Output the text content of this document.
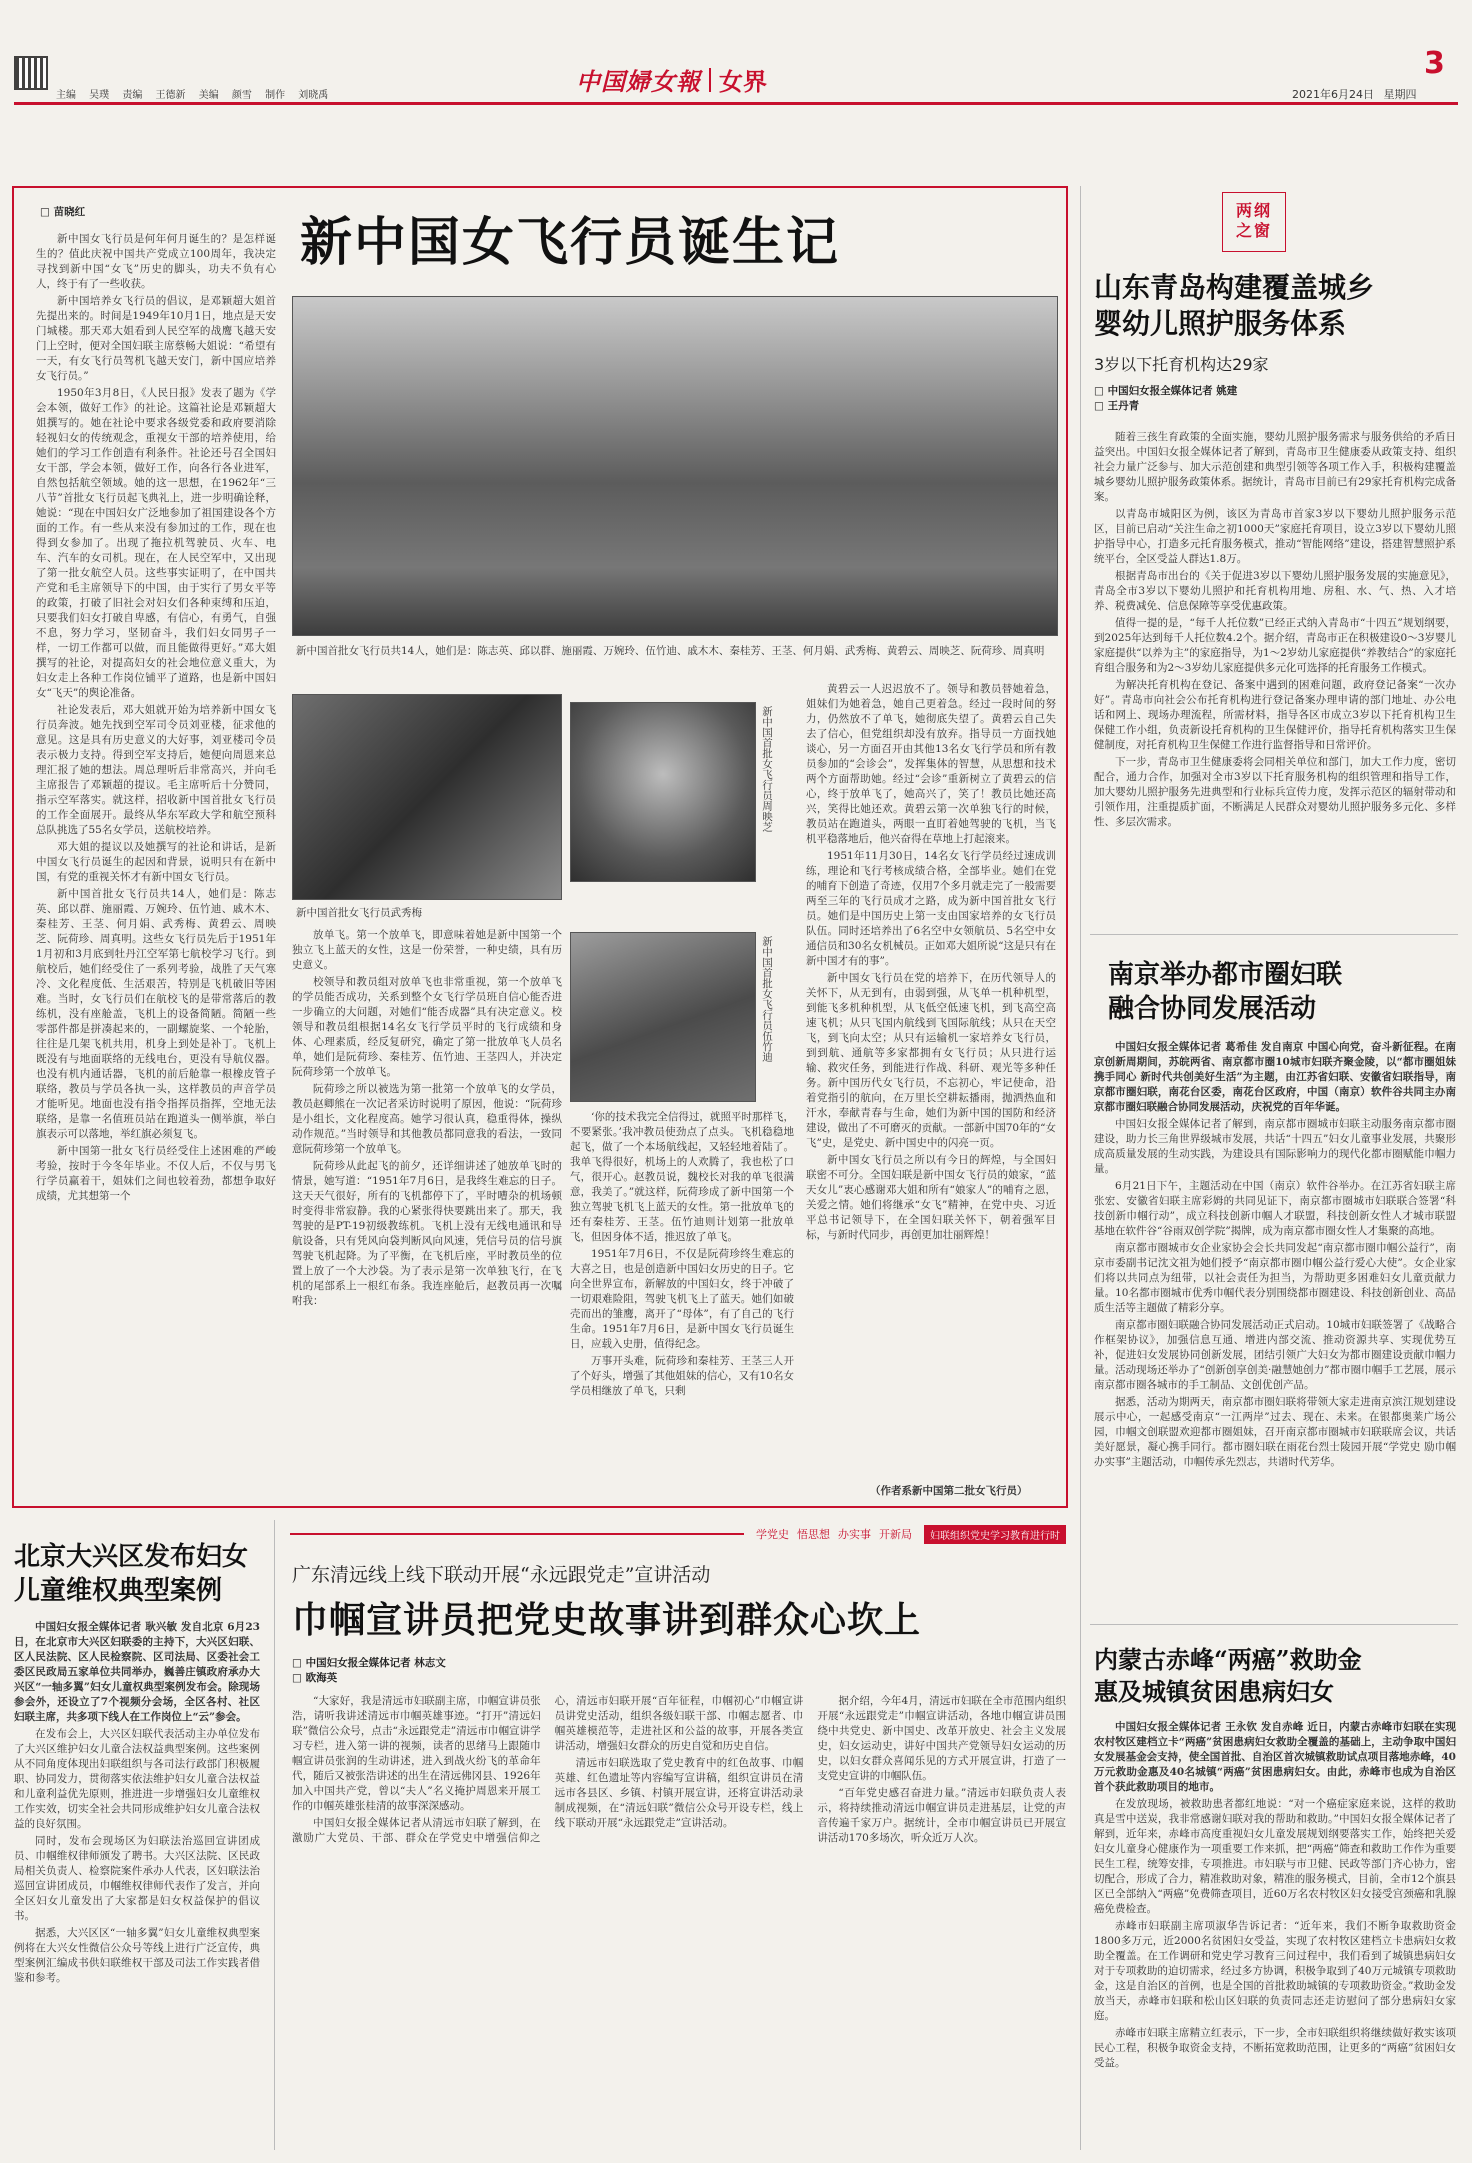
主编 吴璞 责编 王德新 美编 颜雪 制作 刘晓禹	中国婦女報 女界
3
2021年6月24日 星期四
新中国女飞行员诞生记
□ 苗晓红

新中国女飞行员是何年何月诞生的？是怎样诞生的？值此庆祝中国共产党成立100周年，我决定寻找到新中国“女飞”历史的脚头，功夫不负有心人，终于有了一些收获。

新中国培养女飞行员的倡议，是邓颖超大姐首先提出来的。时间是1949年10月1日，地点是天安门城楼。那天邓大姐看到人民空军的战鹰飞越天安门上空时，便对全国妇联主席蔡畅大姐说：“希望有一天，有女飞行员驾机飞越天安门，新中国应培养女飞行员。”

1950年3月8日，《人民日报》发表了题为《学会本领，做好工作》的社论。这篇社论是邓颖超大姐撰写的。她在社论中要求各级党委和政府要消除轻视妇女的传统观念，重视女干部的培养使用，给她们的学习工作创造有利条件。社论还号召全国妇女干部，学会本领，做好工作，向各行各业进军，自然包括航空领域。她的这一思想，在1962年“三八节”首批女飞行员起飞典礼上，进一步明确诠释，她说：“现在中国妇女广泛地参加了祖国建设各个方面的工作。有一些从来没有参加过的工作，现在也得到女参加了。出现了拖拉机驾驶员、火车、电车、汽车的女司机。现在，在人民空军中，又出现了第一批女航空人员。这些事实证明了，在中国共产党和毛主席领导下的中国，由于实行了男女平等的政策，打破了旧社会对妇女们各种束缚和压迫，只要我们妇女打破自卑感，有信心，有勇气，自强不息，努力学习，坚韧奋斗，我们妇女同男子一样，一切工作都可以做，而且能做得更好。”邓大姐撰写的社论，对提高妇女的社会地位意义重大，为妇女走上各种工作岗位铺平了道路，也是新中国妇女“飞天”的舆论准备。

社论发表后，邓大姐就开始为培养新中国女飞行员奔波。她先找到空军司令员刘亚楼，征求他的意见。这是具有历史意义的大好事，刘亚楼司令员表示极力支持。得到空军支持后，她便向周恩来总理汇报了她的想法。周总理听后非常高兴，并向毛主席报告了邓颖超的提议。毛主席听后十分赞同，指示空军落实。就这样，招收新中国首批女飞行员的工作全面展开。最终从华东军政大学和航空预科总队挑选了55名女学员，送航校培养。

邓大姐的提议以及她撰写的社论和讲话，是新中国女飞行员诞生的起因和背景，说明只有在新中国，有党的重视关怀才有新中国女飞行员。

新中国首批女飞行员共14人，她们是：陈志英、邱以群、施丽霞、万婉玲、伍竹迪、戚木木、秦桂芳、王茎、何月娟、武秀梅、黄碧云、周映芝、阮荷珍、周真明。这些女飞行员先后于1951年1月初和3月底到牡丹江空军第七航校学习飞行。到航校后，她们经受住了一系列考验，战胜了天气寒冷、文化程度低、生活艰苦，特别是飞机破旧等困难。当时，女飞行员们在航校飞的是带常落后的教练机，没有座舱盖，飞机上的设备简陋。简陋一些零部件都是拼凑起来的，一副螺旋桨、一个轮胎，往往是几架飞机共用，机身上到处是补丁。飞机上既没有与地面联络的无线电台，更没有导航仪器。也没有机内通话器，飞机的前后舱靠一根橡皮管子联络，教员与学员各执一头，这样教员的声音学员才能听见。地面也没有指令指挥员指挥，空地无法联络，是靠一名值班员站在跑道头一侧举旗，举白旗表示可以落地，举红旗必须复飞。

新中国第一批女飞行员经受住上述困难的严峻考验，按时于今冬年毕业。不仅人后，不仅与男飞行学员赢着干，姐妹们之间也较着劲，都想争取好成绩，尤其想第一个

新中国首批女飞行员共14人，她们是：陈志英、邱以群、施丽霞、万婉玲、伍竹迪、戚木木、秦桂芳、王茎、何月娟、武秀梅、黄碧云、周映芝、阮荷珍、周真明
新中国首批女飞行员武秀梅
新中国首批女飞行员周映芝
新中国首批女飞行员伍竹迪

放单飞。第一个放单飞，即意味着她是新中国第一个独立飞上蓝天的女性，这是一份荣誉，一种史绩，具有历史意义。

校领导和教员组对放单飞也非常重视，第一个放单飞的学员能否成功，关系到整个女飞行学员班自信心能否进一步确立的大问题，对她们“能否成器”具有决定意义。校领导和教员组根据14名女飞行学员平时的飞行成绩和身体、心理素质，经反复研究，确定了第一批放单飞人员名单，她们是阮荷珍、秦桂芳、伍竹迪、王茎四人，并决定阮荷珍第一个放单飞。

阮荷珍之所以被选为第一批第一个放单飞的女学员，教员赵卿熊在一次记者采访时说明了原因，他说：“阮荷珍是小组长，文化程度高。她学习很认真，稳重得体，操纵动作规范。”当时领导和其他教员都同意我的看法，一致同意阮荷珍第一个放单飞。

阮荷珍从此起飞的前夕，还详细讲述了她放单飞时的情景，她写道：“1951年7月6日，是我终生难忘的日子。这天天气很好，所有的飞机都停下了，平时嘈杂的机场顿时变得非常寂静。我的心紧张得快要跳出来了。那天，我驾驶的是PT-19初级教练机。飞机上没有无线电通讯和导航设备，只有凭风向袋判断风向风速，凭信号员的信号旗驾驶飞机起降。为了平衡，在飞机后座，平时教员坐的位置上放了一个大沙袋。为了表示是第一次单独飞行，在飞机的尾部系上一根红布条。我连座舱后，赵教员再一次嘱咐我：

‘你的技术我完全信得过，就照平时那样飞，不要紧张。’我冲教员使劲点了点头。飞机稳稳地起飞，做了一个本场航线起，又轻轻地着陆了。我单飞得很好，机场上的人欢腾了，我也松了口气，很开心。赵教员说，魏校长对我的单飞很满意，我美了。”就这样，阮荷珍成了新中国第一个独立驾驶飞机飞上蓝天的女性。第一批放单飞的还有秦桂芳、王茎。伍竹迪则计划第一批放单飞，但因身体不适，推迟放了单飞。

1951年7月6日，不仅是阮荷珍终生难忘的大喜之日，也是创造新中国妇女历史的日子。它向全世界宣布，新解放的中国妇女，终于冲破了一切艰难险阻，驾驶飞机飞上了蓝天。她们如破壳而出的雏鹰，离开了“母体”，有了自己的飞行生命。1951年7月6日，是新中国女飞行员诞生日，应载入史册，值得纪念。

万事开头难，阮荷珍和秦桂芳、王茎三人开了个好头，增强了其他姐妹的信心，又有10名女学员相继放了单飞，只剩

黄碧云一人迟迟放不了。领导和教员替她着急，姐妹们为她着急，她自己更着急。经过一段时间的努力，仍然放不了单飞，她彻底失望了。黄碧云自己失去了信心，但党组织却没有放弃。指导员一方面找她谈心，另一方面召开由其他13名女飞行学员和所有教员参加的“会诊会”，发挥集体的智慧，从思想和技术两个方面帮助她。经过“会诊”重新树立了黄碧云的信心，终于放单飞了，她高兴了，笑了！教员比她还高兴，笑得比她还欢。黄碧云第一次单独飞行的时候，教员站在跑道头，两眼一直盯着她驾驶的飞机，当飞机平稳落地后，他兴奋得在草地上打起滚来。

1951年11月30日，14名女飞行学员经过速成训练，理论和飞行考核成绩合格，全部毕业。她们在党的哺育下创造了奇迹，仅用7个多月就走完了一般需要两至三年的飞行员成才之路，成为新中国首批女飞行员。她们是中国历史上第一支由国家培养的女飞行员队伍。同时还培养出了6名空中女领航员、5名空中女通信员和30名女机械员。正如邓大姐所说“这是只有在新中国才有的事”。

新中国女飞行员在党的培养下，在历代领导人的关怀下，从无到有，由弱到强，从飞单一机种机型，到能飞多机种机型，从飞低空低速飞机，到飞高空高速飞机；从只飞国内航线到飞国际航线；从只在天空飞，到飞向太空；从只有运输机一家培养女飞行员，到到航、通航等多家都拥有女飞行员；从只进行运输、救灾任务，到能进行作战、科研、观光等多种任务。新中国历代女飞行员，不忘初心，牢记使命，沿着党指引的航向，在万里长空耕耘播雨，抛洒热血和汗水，奉献青春与生命，她们为新中国的国防和经济建设，做出了不可磨灭的贡献。一部新中国70年的“女飞”史，是党史、新中国史中的闪亮一页。

新中国女飞行员之所以有今日的辉煌，与全国妇联密不可分。全国妇联是新中国女飞行员的娘家，“蓝天女儿”衷心感谢邓大姐和所有“娘家人”的哺育之恩，关爱之情。她们将继承“女飞”精神，在党中央、习近平总书记领导下，在全国妇联关怀下，朝着强军目标，与新时代同步，再创更加壮丽辉煌！

（作者系新中国第二批女飞行员）
两纲之窗
山东青岛构建覆盖城乡
婴幼儿照护服务体系
3岁以下托育机构达29家
□ 中国妇女报全媒体记者 姚建
□ 王丹青

随着三孩生育政策的全面实施，婴幼儿照护服务需求与服务供给的矛盾日益突出。中国妇女报全媒体记者了解到，青岛市卫生健康委从政策支持、组织社会力量广泛参与、加大示范创建和典型引领等各项工作入手，积极构建覆盖城乡婴幼儿照护服务政策体系。据统计，青岛市目前已有29家托育机构完成备案。

以青岛市城阳区为例，该区为青岛市首家3岁以下婴幼儿照护服务示范区，目前已启动“关注生命之初1000天”家庭托育项目，设立3岁以下婴幼儿照护指导中心，打造多元托育服务模式，推动“智能网络”建设，搭建智慧照护系统平台，全区受益人群达1.8万。

根据青岛市出台的《关于促进3岁以下婴幼儿照护服务发展的实施意见》，青岛全市3岁以下婴幼儿照护和托育机构用地、房租、水、气、热、入才培养、税费减免、信息保障等享受优惠政策。

值得一提的是，“每千人托位数”已经正式纳入青岛市“十四五”规划纲要，到2025年达到每千人托位数4.2个。据介绍，青岛市正在积极建设0～3岁婴儿家庭提供“以养为主”的家庭指导，为1～2岁幼儿家庭提供“养教结合”的家庭托育组合服务和为2～3岁幼儿家庭提供多元化可选择的托育服务工作模式。

为解决托育机构在登记、备案中遇到的困难问题，政府登记备案“一次办好”。青岛市向社会公布托育机构进行登记备案办理申请的部门地址、办公电话和网上、现场办理流程，所需材料，指导各区市成立3岁以下托育机构卫生保健工作小组，负责新设托育机构的卫生保健评价，指导托育机构落实卫生保健制度，对托育机构卫生保健工作进行监督指导和日常评价。

下一步，青岛市卫生健康委将会同相关单位和部门，加大工作力度，密切配合，通力合作，加强对全市3岁以下托育服务机构的组织管理和指导工作，加大婴幼儿照护服务先进典型和行业标兵宣传力度，发挥示范区的辐射带动和引领作用，注重提质扩面，不断满足人民群众对婴幼儿照护服务多元化、多样性、多层次需求。

南京举办都市圈妇联
融合协同发展活动

中国妇女报全媒体记者 葛希佳 发自南京 中国心向党，奋斗新征程。在南京创新周期间，苏皖两省、南京都市圈10城市妇联齐聚金陵，以“都市圈姐妹携手同心 新时代共创美好生活”为主题，由江苏省妇联、安徽省妇联指导，南京都市圈妇联，南花台区委，南花台区政府，中国（南京）软件谷共同主办南京都市圈妇联融合协同发展活动，庆祝党的百年华诞。

中国妇女报全媒体记者了解到，南京都市圈城市妇联主动服务南京都市圈建设，助力长三角世界级城市发展，共话“十四五”妇女儿童事业发展，共聚形成高质量发展的生动实践，为建设具有国际影响力的现代化都市圈赋能巾帼力量。

6月21日下午，主题活动在中国（南京）软件谷举办。在江苏省妇联主席张宏、安徽省妇联主席彩姆的共同见证下，南京都市圈城市妇联联合签署“科技创新巾帼行动”，成立科技创新巾帼人才联盟，科技创新女性人才城市联盟基地在软件谷“谷雨双创学院”揭牌，成为南京都市圈女性人才集聚的高地。

南京都市圈城市女企业家协会会长共同发起“南京都市圈巾帼公益行”，南京市委副书记沈文祖为她们授予“南京都市圈巾帼公益行爱心大使”。女企业家们将以共同点为纽带，以社会责任为担当，为帮助更多困难妇女儿童贡献力量。10名都市圈城市优秀巾帼代表分别围绕都市圈建设、科技创新创业、高品质生活等主题做了精彩分享。

南京都市圈妇联融合协同发展活动正式启动。10城市妇联签署了《战略合作框架协议》，加强信息互通、增进内部交流、推动资源共享、实现优势互补，促进妇女发展协同创新发展，团结引领广大妇女为都市圈建设贡献巾帼力量。活动现场还举办了“创新创享创美·融慧她创力”都市圈巾帼手工艺展，展示南京都市圈各城市的手工制品、文创优创产品。

据悉，活动为期两天，南京都市圈妇联将带领大家走进南京滨江规划建设展示中心，一起感受南京“一江两岸”过去、现在、未来。在银都奥莱广场公园，巾帼文创联盟欢迎都市圈姐妹，召开南京都市圈城市妇联联席会议，共话美好愿景，凝心携手同行。都市圈妇联在雨花台烈士陵园开展“学党史 励巾帼 办实事”主题活动，巾帼传承先烈志，共谱时代芳华。

内蒙古赤峰“两癌”救助金
惠及城镇贫困患病妇女

中国妇女报全媒体记者 王永钦 发自赤峰 近日，内蒙古赤峰市妇联在实现农村牧区建档立卡“两癌”贫困患病妇女救助全覆盖的基础上，主动争取中国妇女发展基金会支持，使全国首批、自治区首次城镇救助试点项目落地赤峰，40万元救助金惠及40名城镇“两癌”贫困患病妇女。由此，赤峰市也成为自治区首个获此救助项目的地市。

在发放现场，被救助患者都红地说：“对一个癌症家庭来说，这样的救助真是雪中送炭，我非常感谢妇联对我的帮助和救助。”中国妇女报全媒体记者了解到，近年来，赤峰市高度重视妇女儿童发展规划纲要落实工作，始终把关爱妇女儿童身心健康作为一项重要工作来抓，把“两癌”筛查和救助工作作为重要民生工程，统筹安排，专项推进。市妇联与市卫健、民政等部门齐心协力，密切配合，形成了合力，精准救助对象，精准的服务模式，目前，全市12个旗县区已全部纳入“两癌”免费筛查项目，近60万名农村牧区妇女接受宫颈癌和乳腺癌免费检查。

赤峰市妇联副主席项淑华告诉记者：“近年来，我们不断争取救助资金1800多万元，近2000名贫困妇女受益，实现了农村牧区建档立卡患病妇女救助全覆盖。在工作调研和党史学习教育三问过程中，我们看到了城镇患病妇女对于专项救助的迫切需求，经过多方协调，积极争取到了40万元城镇专项救助金，这是自治区的首例，也是全国的首批救助城镇的专项救助资金。”救助金发放当天，赤峰市妇联和松山区妇联的负责同志还走访慰问了部分患病妇女家庭。

赤峰市妇联主席精立红表示，下一步，全市妇联组织将继续做好救实该项民心工程，积极争取资金支持，不断拓宽救助范围，让更多的“两癌”贫困妇女受益。

北京大兴区发布妇女
儿童维权典型案例

中国妇女报全媒体记者 耿兴敏 发自北京 6月23日，在北京市大兴区妇联委的主持下，大兴区妇联、区人民法院、区人民检察院、区司法局、区委社会工委区民政局五家单位共同举办，巍善庄镇政府承办大兴区“一轴多翼”妇女儿童权典型案例发布会。除现场参会外，还设立了7个视频分会场，全区各村、社区妇联主席，共多项下线人在工作岗位上“云”参会。

在发布会上，大兴区妇联代表活动主办单位发布了大兴区维护妇女儿童合法权益典型案例。这些案例从不同角度体现出妇联组织与各司法行政部门积极履职、协同发力，贯彻落实依法维护妇女儿童合法权益和儿童利益优先原则，推进进一步增强妇女儿童维权工作实效，切实全社会共同形成维护妇女儿童合法权益的良好氛围。

同时，发布会现场区为妇联法治巡回宣讲团成员、巾帼维权律师颁发了聘书。大兴区法院、区民政局相关负责人、检察院案件承办人代表，区妇联法治巡回宣讲团成员，巾帼维权律师代表作了发言，并向全区妇女儿童发出了大家都是妇女权益保护的倡议书。

据悉，大兴区区“一轴多翼”妇女儿童维权典型案例将在大兴女性微信公众号等线上进行广泛宣传，典型案例汇编成书供妇联维权干部及司法工作实践者借鉴和参考。

学党史 悟思想 办实事 开新局	妇联组织党史学习教育进行时
广东清远线上线下联动开展“永远跟党走”宣讲活动
巾帼宣讲员把党史故事讲到群众心坎上
□ 中国妇女报全媒体记者 林志文
□ 欧海英

“大家好，我是清远市妇联副主席，巾帼宣讲员张浩，请听我讲述清远市巾帼英雄事迹。“打开”清远妇联”微信公众号，点击“永远跟党走”清远市巾帼宣讲学习专栏，进入第一讲的视频，读者的思绪马上跟随巾帼宣讲员张润的生动讲述，进入到战火纷飞的革命年代，随后又被张浩讲述的出生在清远佛冈县、1926年加入中国共产党，曾以“夫人”名义掩护周恩来开展工作的巾帼英雄张桂清的故事深深感动。

中国妇女报全媒体记者从清远市妇联了解到，在激励广大党员、干部、群众在学党史中增强信仰之心，清远市妇联开展“百年征程，巾帼初心”巾帼宣讲员讲党史活动，组织各级妇联干部、巾帼志愿者、巾帼英雄模范等，走进社区和公益的故事，开展各类宣讲活动，增强妇女群众的历史自觉和历史自信。

清远市妇联选取了党史教育中的红色故事、巾帼英雄、红色遗址等内容编写宣讲稿，组织宣讲员在清远市各县区、乡镇、村镇开展宣讲，还将宣讲活动录制成视频，在“清远妇联”微信公众号开设专栏，线上线下联动开展“永远跟党走”宣讲活动。

据介绍，今年4月，清远市妇联在全市范围内组织开展“永远跟党走”巾帼宣讲活动，各地巾帼宣讲员围绕中共党史、新中国史、改革开放史、社会主义发展史，妇女运动史，讲好中国共产党领导妇女运动的历史，以妇女群众喜闻乐见的方式开展宣讲，打造了一支党史宣讲的巾帼队伍。

“百年党史感召奋进力量。”清远市妇联负责人表示，将持续推动清远巾帼宣讲员走进基层，让党的声音传遍千家万户。据统计，全市巾帼宣讲员已开展宣讲活动170多场次，听众近万人次。
